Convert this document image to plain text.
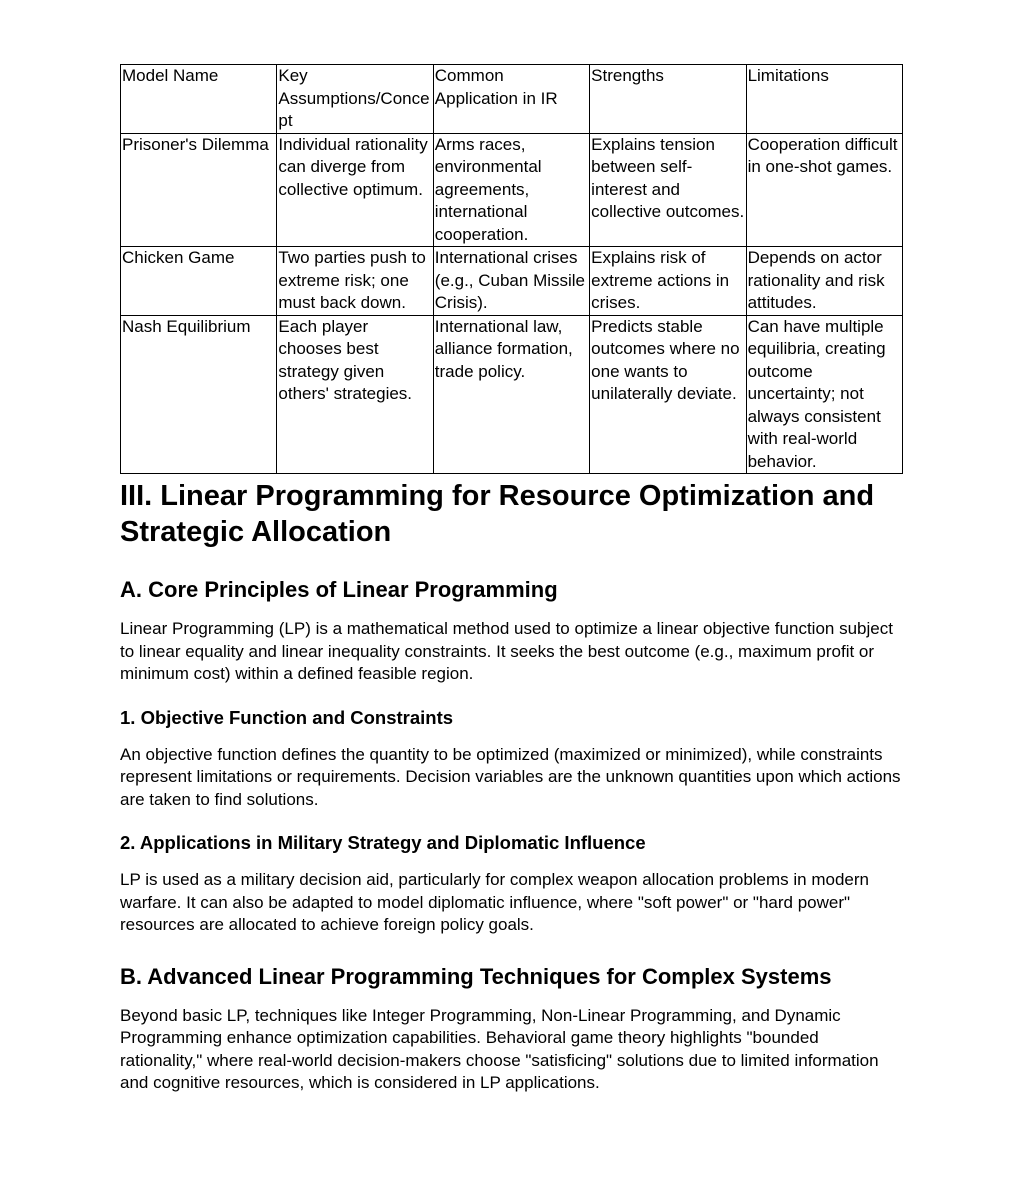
Model Name	Key Assumptions/Concept	Common Application in IR	Strengths	Limitations
Prisoner's Dilemma	Individual rationality can diverge from collective optimum.	Arms races, environmental agreements, international cooperation.	Explains tension between self-interest and collective outcomes.	Cooperation difficult in one-shot games.
Chicken Game	Two parties push to extreme risk; one must back down.	International crises (e.g., Cuban Missile Crisis).	Explains risk of extreme actions in crises.	Depends on actor rationality and risk attitudes.
Nash Equilibrium	Each player chooses best strategy given others' strategies.	International law, alliance formation, trade policy.	Predicts stable outcomes where no one wants to unilaterally deviate.	Can have multiple equilibria, creating outcome uncertainty; not always consistent with real-world behavior.
III. Linear Programming for Resource Optimization and Strategic Allocation
A. Core Principles of Linear Programming

Linear Programming (LP) is a mathematical method used to optimize a linear objective function subject to linear equality and linear inequality constraints. It seeks the best outcome (e.g., maximum profit or minimum cost) within a defined feasible region.

1. Objective Function and Constraints

An objective function defines the quantity to be optimized (maximized or minimized), while constraints represent limitations or requirements. Decision variables are the unknown quantities upon which actions are taken to find solutions.

2. Applications in Military Strategy and Diplomatic Influence

LP is used as a military decision aid, particularly for complex weapon allocation problems in modern warfare. It can also be adapted to model diplomatic influence, where "soft power" or "hard power" resources are allocated to achieve foreign policy goals.

B. Advanced Linear Programming Techniques for Complex Systems

Beyond basic LP, techniques like Integer Programming, Non-Linear Programming, and Dynamic Programming enhance optimization capabilities. Behavioral game theory highlights "bounded rationality," where real-world decision-makers choose "satisficing" solutions due to limited information and cognitive resources, which is considered in LP applications.
